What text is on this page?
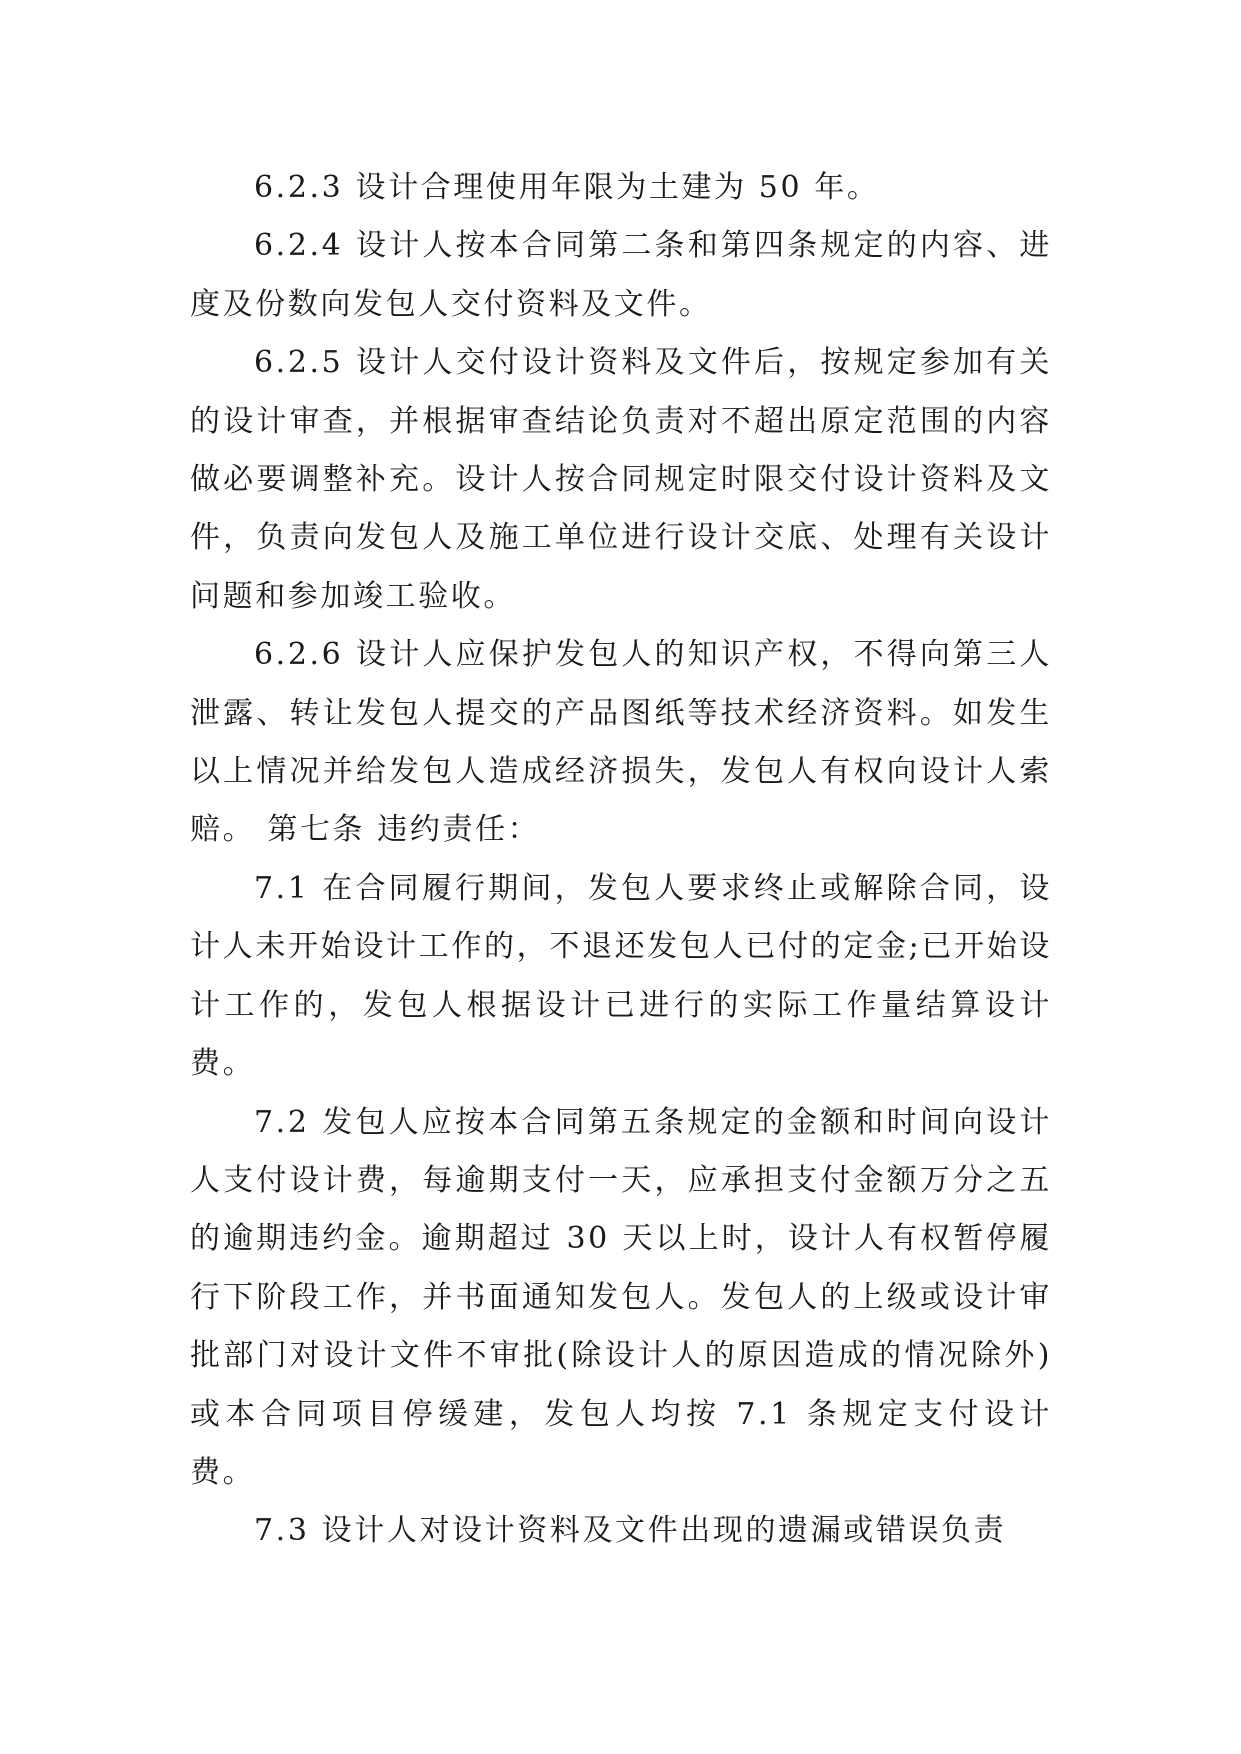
6.2.3 设计合理使用年限为土建为 50 年。

6.2.4 设计人按本合同第二条和第四条规定的内容、进度及份数向发包人交付资料及文件。

6.2.5 设计人交付设计资料及文件后，按规定参加有关的设计审查，并根据审查结论负责对不超出原定范围的内容做必要调整补充。设计人按合同规定时限交付设计资料及文件，负责向发包人及施工单位进行设计交底、处理有关设计问题和参加竣工验收。

6.2.6 设计人应保护发包人的知识产权，不得向第三人泄露、转让发包人提交的产品图纸等技术经济资料。如发生以上情况并给发包人造成经济损失，发包人有权向设计人索赔。 第七条 违约责任：

7.1 在合同履行期间，发包人要求终止或解除合同，设计人未开始设计工作的，不退还发包人已付的定金;已开始设计工作的，发包人根据设计已进行的实际工作量结算设计费。

7.2 发包人应按本合同第五条规定的金额和时间向设计人支付设计费，每逾期支付一天，应承担支付金额万分之五的逾期违约金。逾期超过 30 天以上时，设计人有权暂停履行下阶段工作，并书面通知发包人。发包人的上级或设计审批部门对设计文件不审批(除设计人的原因造成的情况除外)或本合同项目停缓建，发包人均按 7.1 条规定支付设计费。

7.3 设计人对设计资料及文件出现的遗漏或错误负责
